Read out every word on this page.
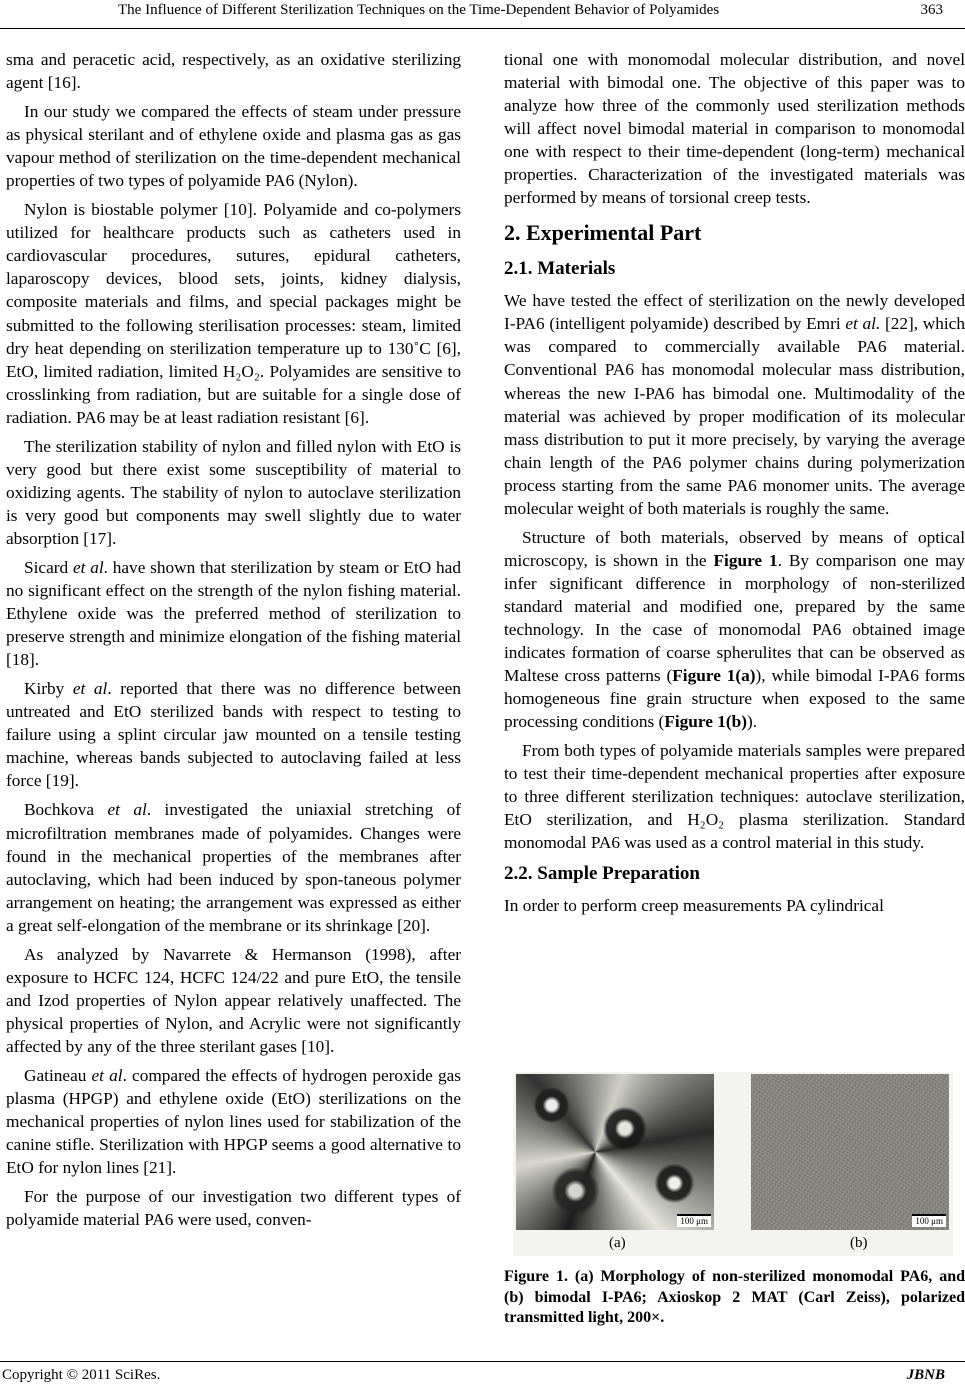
The Influence of Different Sterilization Techniques on the Time-Dependent Behavior of Polyamides	363

sma and peracetic acid, respectively, as an oxidative sterilizing agent [16].

In our study we compared the effects of steam under pressure as physical sterilant and of ethylene oxide and plasma gas as gas vapour method of sterilization on the time-dependent mechanical properties of two types of polyamide PA6 (Nylon).

Nylon is biostable polymer [10]. Polyamide and co-polymers utilized for healthcare products such as catheters used in cardiovascular procedures, sutures, epidural catheters, laparoscopy devices, blood sets, joints, kidney dialysis, composite materials and films, and special packages might be submitted to the following sterilisation processes: steam, limited dry heat depending on sterilization temperature up to 130˚C [6], EtO, limited radiation, limited H₂O₂. Polyamides are sensitive to crosslinking from radiation, but are suitable for a single dose of radiation. PA6 may be at least radiation resistant [6].

The sterilization stability of nylon and filled nylon with EtO is very good but there exist some susceptibility of material to oxidizing agents. The stability of nylon to autoclave sterilization is very good but components may swell slightly due to water absorption [17].

Sicard et al. have shown that sterilization by steam or EtO had no significant effect on the strength of the nylon fishing material. Ethylene oxide was the preferred method of sterilization to preserve strength and minimize elongation of the fishing material [18].

Kirby et al. reported that there was no difference between untreated and EtO sterilized bands with respect to testing to failure using a splint circular jaw mounted on a tensile testing machine, whereas bands subjected to autoclaving failed at less force [19].

Bochkova et al. investigated the uniaxial stretching of microfiltration membranes made of polyamides. Changes were found in the mechanical properties of the membranes after autoclaving, which had been induced by spon-taneous polymer arrangement on heating; the arrangement was expressed as either a great self-elongation of the membrane or its shrinkage [20].

As analyzed by Navarrete & Hermanson (1998), after exposure to HCFC 124, HCFC 124/22 and pure EtO, the tensile and Izod properties of Nylon appear relatively unaffected. The physical properties of Nylon, and Acrylic were not significantly affected by any of the three sterilant gases [10].

Gatineau et al. compared the effects of hydrogen peroxide gas plasma (HPGP) and ethylene oxide (EtO) sterilizations on the mechanical properties of nylon lines used for stabilization of the canine stifle. Sterilization with HPGP seems a good alternative to EtO for nylon lines [21].

For the purpose of our investigation two different types of polyamide material PA6 were used, conven-

tional one with monomodal molecular distribution, and novel material with bimodal one. The objective of this paper was to analyze how three of the commonly used sterilization methods will affect novel bimodal material in comparison to monomodal one with respect to their time-dependent (long-term) mechanical properties. Characterization of the investigated materials was performed by means of torsional creep tests.

2. Experimental Part
2.1. Materials

We have tested the effect of sterilization on the newly developed I-PA6 (intelligent polyamide) described by Emri et al. [22], which was compared to commercially available PA6 material. Conventional PA6 has monomodal molecular mass distribution, whereas the new I-PA6 has bimodal one. Multimodality of the material was achieved by proper modification of its molecular mass distribution to put it more precisely, by varying the average chain length of the PA6 polymer chains during polymerization process starting from the same PA6 monomer units. The average molecular weight of both materials is roughly the same.

Structure of both materials, observed by means of optical microscopy, is shown in the Figure 1. By comparison one may infer significant difference in morphology of non-sterilized standard material and modified one, prepared by the same technology. In the case of monomodal PA6 obtained image indicates formation of coarse spherulites that can be observed as Maltese cross patterns (Figure 1(a)), while bimodal I-PA6 forms homogeneous fine grain structure when exposed to the same processing conditions (Figure 1(b)).

From both types of polyamide materials samples were prepared to test their time-dependent mechanical properties after exposure to three different sterilization techniques: autoclave sterilization, EtO sterilization, and H₂O₂ plasma sterilization. Standard monomodal PA6 was used as a control material in this study.

2.2. Sample Preparation

In order to perform creep measurements PA cylindrical

100 μm	100 μm
(a)	(b)
Figure 1. (a) Morphology of non-sterilized monomodal PA6, and (b) bimodal I-PA6; Axioskop 2 MAT (Carl Zeiss), polarized transmitted light, 200×.
Copyright © 2011 SciRes.	JBNB
